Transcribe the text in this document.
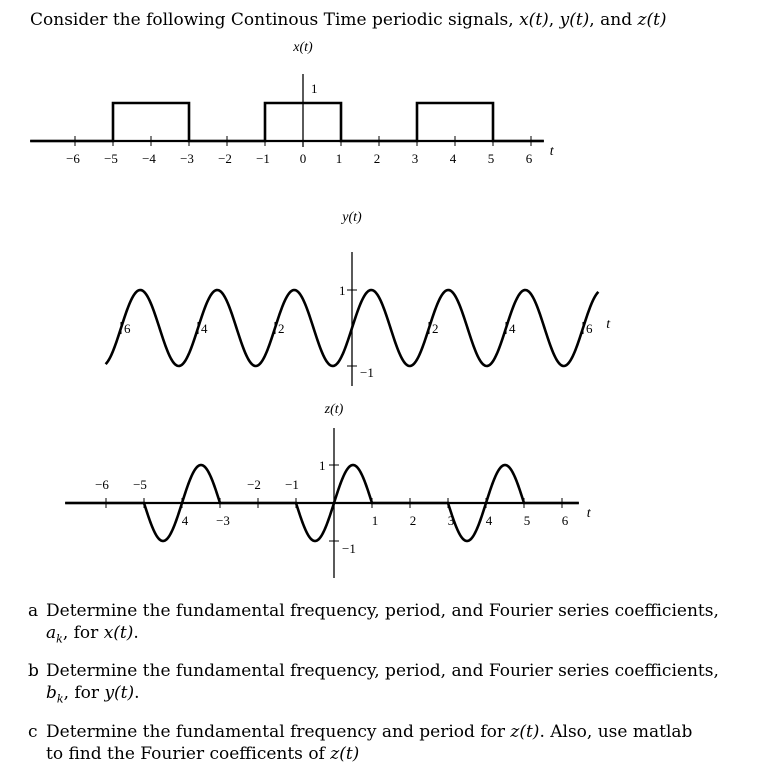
Consider the following Continous Time periodic signals, x(t), y(t), and z(t)
x(t)
−6 −5 −4 −3 −2 −1 0 1 2 3 4 5 6
1
t
y(t)
6	4	2	2	4	6
1
−1
t
z(t)
−6 −5	−2 −1
4 −3	1 2 3 4 5 6
1
−1
t
a Determine the fundamental frequency, period, and Fourier series coefficients,
$a_k$, for x(t).
b Determine the fundamental frequency, period, and Fourier series coefficients,
$b_k$, for y(t).
c Determine the fundamental frequency and period for z(t). Also, use matlab
to find the Fourier coefficents of z(t)
